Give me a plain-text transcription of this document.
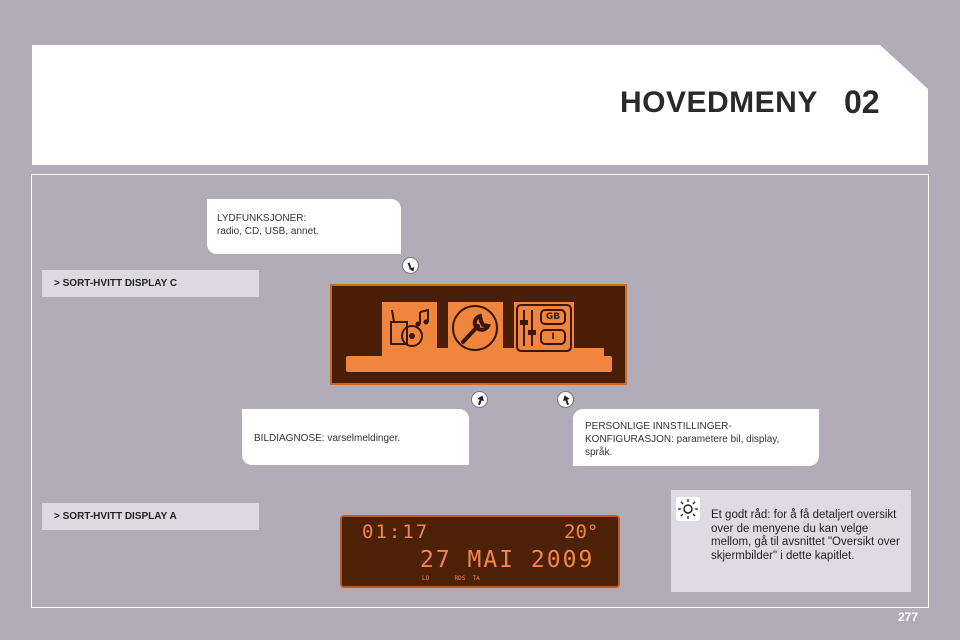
HOVEDMENY 02
> SORT-HVITT DISPLAY C
> SORT-HVITT DISPLAY A
LYDFUNKSJONER:
radio, CD, USB, annet.
GB
I
BILDIAGNOSE: varselmeldinger.
PERSONLIGE INNSTILLINGER-
KONFIGURASJON: parametere bil, display,
språk.
01:17	20°
27 MAI 2009
LO       RDS  TA
Et godt råd: for å få detaljert oversikt over de menyene du kan velge mellom, gå til avsnittet "Oversikt over skjermbilder" i dette kapitlet.
277
